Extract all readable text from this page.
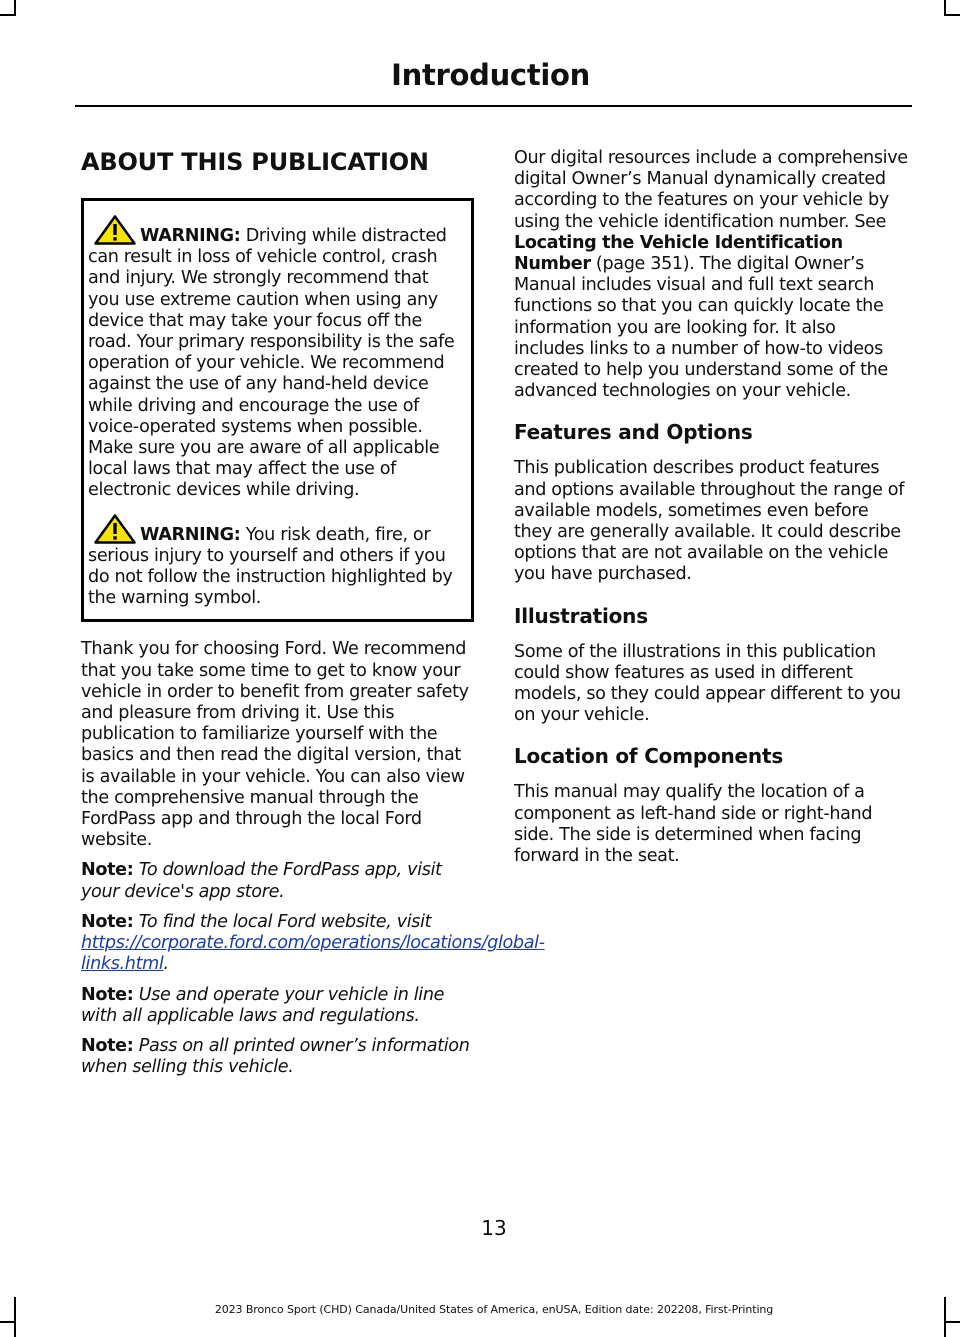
Introduction
ABOUT THIS PUBLICATION

WARNING: Driving while distracted can result in loss of vehicle control, crash and injury. We strongly recommend that you use extreme caution when using any device that may take your focus off the road. Your primary responsibility is the safe operation of your vehicle. We recommend against the use of any hand-held device while driving and encourage the use of voice-operated systems when possible. Make sure you are aware of all applicable local laws that may affect the use of electronic devices while driving.

WARNING: You risk death, fire, or serious injury to yourself and others if you do not follow the instruction highlighted by the warning symbol.

Thank you for choosing Ford. We recommend that you take some time to get to know your vehicle in order to benefit from greater safety and pleasure from driving it. Use this publication to familiarize yourself with the basics and then read the digital version, that is available in your vehicle. You can also view the comprehensive manual through the FordPass app and through the local Ford website.

Note: To download the FordPass app, visit your device's app store.

Note: To find the local Ford website, visit https://corporate.ford.com/operations/locations/global-links.html.

Note: Use and operate your vehicle in line with all applicable laws and regulations.

Note: Pass on all printed owner’s information when selling this vehicle.

Our digital resources include a comprehensive digital Owner’s Manual dynamically created according to the features on your vehicle by using the vehicle identification number. See Locating the Vehicle Identification Number (page 351). The digital Owner’s Manual includes visual and full text search functions so that you can quickly locate the information you are looking for. It also includes links to a number of how-to videos created to help you understand some of the advanced technologies on your vehicle.

Features and Options

This publication describes product features and options available throughout the range of available models, sometimes even before they are generally available. It could describe options that are not available on the vehicle you have purchased.

Illustrations

Some of the illustrations in this publication could show features as used in different models, so they could appear different to you on your vehicle.

Location of Components

This manual may qualify the location of a component as left-hand side or right-hand side. The side is determined when facing forward in the seat.

13
2023 Bronco Sport (CHD) Canada/United States of America, enUSA, Edition date: 202208, First-Printing
